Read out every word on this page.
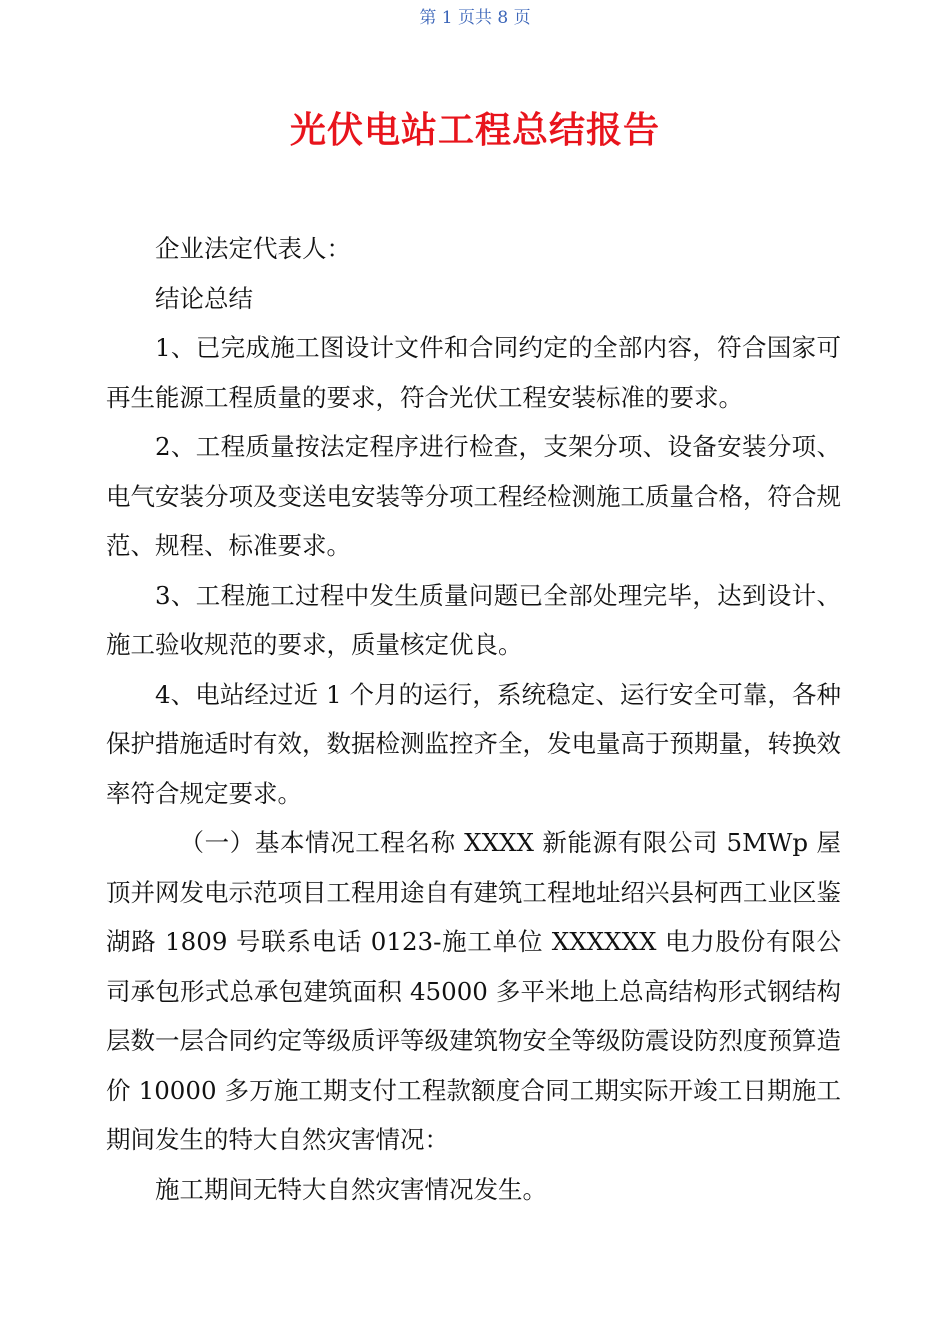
第 1 页共 8 页
光伏电站工程总结报告

企业法定代表人：

结论总结

1、已完成施工图设计文件和合同约定的全部内容，符合国家可再生能源工程质量的要求，符合光伏工程安装标准的要求。

2、工程质量按法定程序进行检查，支架分项、设备安装分项、电气安装分项及变送电安装等分项工程经检测施工质量合格，符合规范、规程、标准要求。

3、工程施工过程中发生质量问题已全部处理完毕，达到设计、施工验收规范的要求，质量核定优良。

4、电站经过近 1 个月的运行，系统稳定、运行安全可靠，各种保护措施适时有效，数据检测监控齐全，发电量高于预期量，转换效率符合规定要求。

（一）基本情况工程名称 XXXX 新能源有限公司 5MWp 屋顶并网发电示范项目工程用途自有建筑工程地址绍兴县柯西工业区鉴湖路 1809 号联系电话 0123-施工单位 XXXXXX 电力股份有限公司承包形式总承包建筑面积 45000 多平米地上总高结构形式钢结构层数一层合同约定等级质评等级建筑物安全等级防震设防烈度预算造价 10000 多万施工期支付工程款额度合同工期实际开竣工日期施工期间发生的特大自然灾害情况：

施工期间无特大自然灾害情况发生。
